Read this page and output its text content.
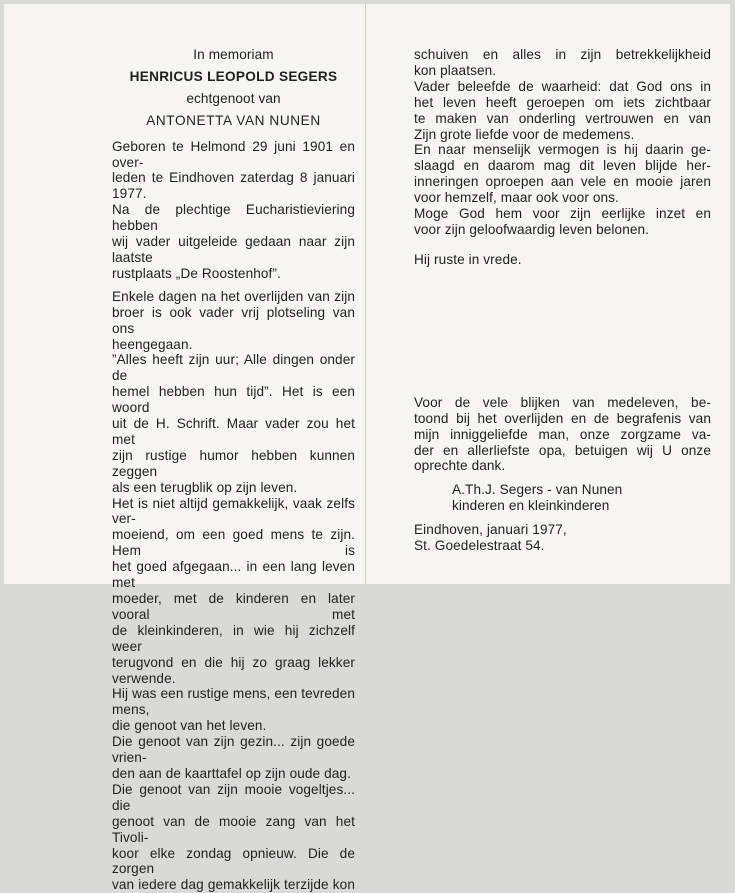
In memoriam

HENRICUS LEOPOLD SEGERS

echtgenoot van

ANTONETTA VAN NUNEN

Geboren te Helmond 29 juni 1901 en over-
leden te Eindhoven zaterdag 8 januari 1977.
Na de plechtige Eucharistieviering hebben
wij vader uitgeleide gedaan naar zijn laatste
rustplaats „De Roostenhof”.
Enkele dagen na het overlijden van zijn
broer is ook vader vrij plotseling van ons
heengegaan.
”Alles heeft zijn uur; Alle dingen onder de
hemel hebben hun tijd”. Het is een woord
uit de H. Schrift. Maar vader zou het met
zijn rustige humor hebben kunnen zeggen
als een terugblik op zijn leven.
Het is niet altijd gemakkelijk, vaak zelfs ver-
moeiend, om een goed mens te zijn. Hem is
het goed afgegaan... in een lang leven met
moeder, met de kinderen en later vooral met
de kleinkinderen, in wie hij zichzelf weer
terugvond en die hij zo graag lekker verwende.
Hij was een rustige mens, een tevreden mens,
die genoot van het leven.
Die genoot van zijn gezin... zijn goede vrien-
den aan de kaarttafel op zijn oude dag.
Die genoot van zijn mooie vogeltjes... die
genoot van de mooie zang van het Tivoli-
koor elke zondag opnieuw. Die de zorgen
van iedere dag gemakkelijk terzijde kon
schuiven en alles in zijn betrekkelijkheid
kon plaatsen.
Vader beleefde de waarheid: dat God ons in
het leven heeft geroepen om iets zichtbaar
te maken van onderling vertrouwen en van
Zijn grote liefde voor de medemens.
En naar menselijk vermogen is hij daarin ge-
slaagd en daarom mag dit leven blijde her-
inneringen oproepen aan vele en mooie jaren
voor hemzelf, maar ook voor ons.
Moge God hem voor zijn eerlijke inzet en
voor zijn geloofwaardig leven belonen.

Hij ruste in vrede.

Voor de vele blijken van medeleven, be-
toond bij het overlijden en de begrafenis van
mijn inniggeliefde man, onze zorgzame va-
der en allerliefste opa, betuigen wij U onze
oprechte dank.
A.Th.J. Segers - van Nunen
kinderen en kleinkinderen

Eindhoven, januari 1977,

St. Goedelestraat 54.
